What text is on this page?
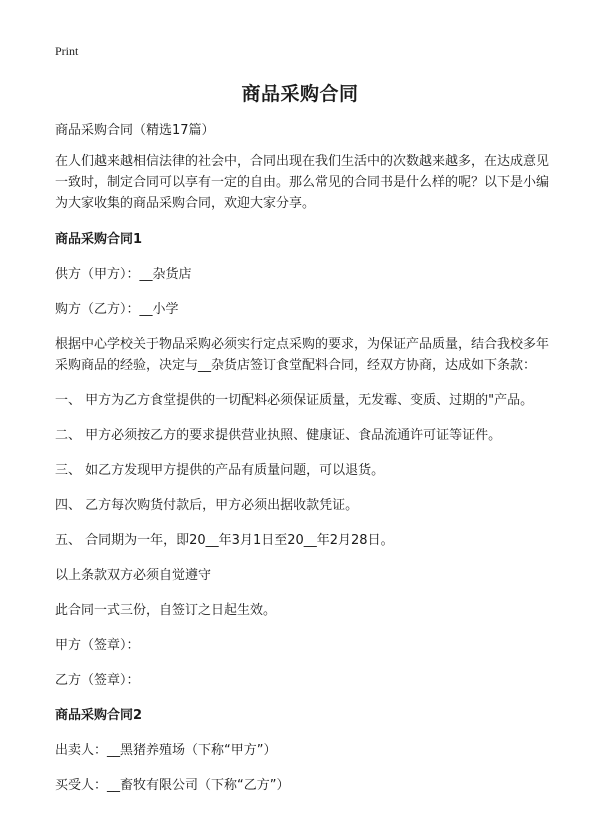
Print
商品采购合同

商品采购合同（精选17篇）

在人们越来越相信法律的社会中，合同出现在我们生活中的次数越来越多，在达成意见一致时，制定合同可以享有一定的自由。那么常见的合同书是什么样的呢？以下是小编为大家收集的商品采购合同，欢迎大家分享。

商品采购合同1

供方（甲方）：__杂货店

购方（乙方）：__小学

根据中心学校关于物品采购必须实行定点采购的要求，为保证产品质量，结合我校多年采购商品的经验，决定与__杂货店签订食堂配料合同，经双方协商，达成如下条款：

一、 甲方为乙方食堂提供的一切配料必须保证质量，无发霉、变质、过期的"产品。

二、 甲方必须按乙方的要求提供营业执照、健康证、食品流通许可证等证件。

三、 如乙方发现甲方提供的产品有质量问题，可以退货。

四、 乙方每次购货付款后，甲方必须出据收款凭证。

五、 合同期为一年，即20__年3月1日至20__年2月28日。

以上条款双方必须自觉遵守

此合同一式三份，自签订之日起生效。

甲方（签章）：

乙方（签章）：

商品采购合同2

出卖人：__黑猪养殖场（下称“甲方”）

买受人：__畜牧有限公司（下称“乙方”）
